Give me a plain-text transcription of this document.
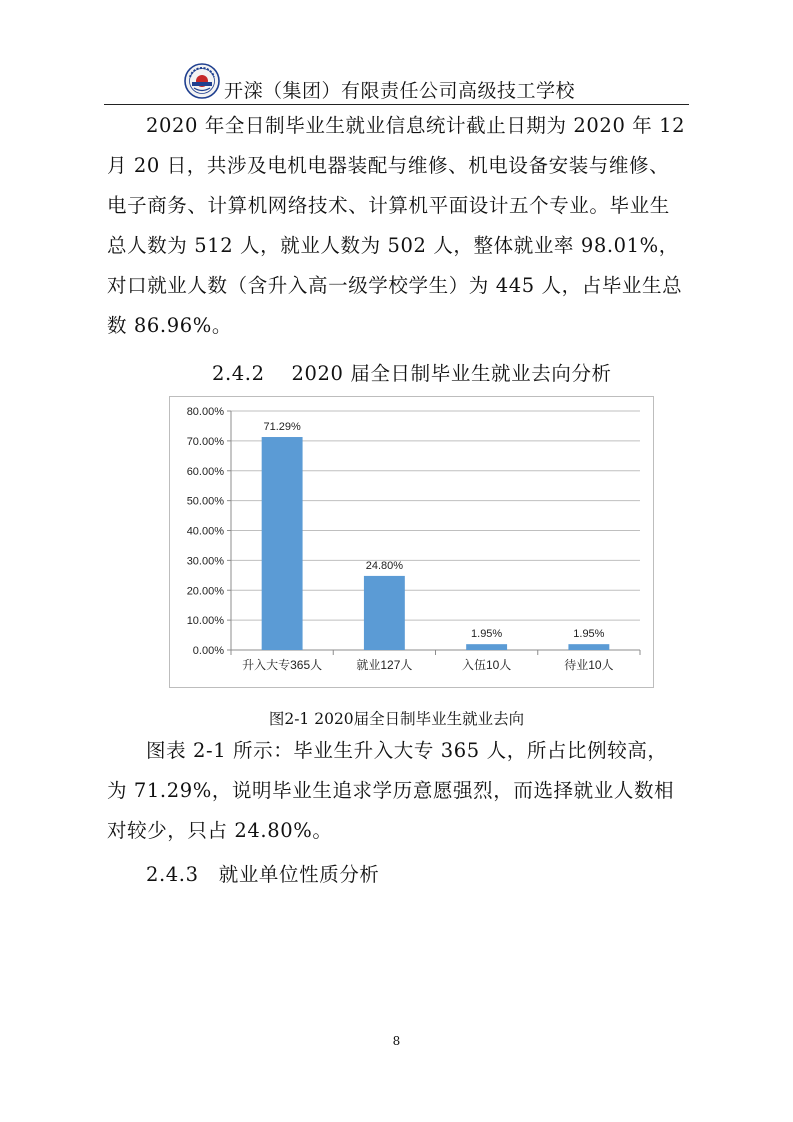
开滦（集团）有限责任公司高级技工学校
2020 年全日制毕业生就业信息统计截止日期为 2020 年 12 月 20 日，共涉及电机电器装配与维修、机电设备安装与维修、电子商务、计算机网络技术、计算机平面设计五个专业。毕业生总人数为 512 人，就业人数为 502 人，整体就业率 98.01%，对口就业人数（含升入高一级学校学生）为 445 人，占毕业生总数 86.96%。
2.4.2　 2020 届全日制毕业生就业去向分析
0.00%
10.00%
20.00%
30.00%
40.00%
50.00%
60.00%
70.00%
80.00%
71.29%
升入大专365人
24.80%
就业127人
1.95%
入伍10人
1.95%
待业10人
图2-1 2020届全日制毕业生就业去向
图表 2-1 所示：毕业生升入大专 365 人，所占比例较高，为 71.29%，说明毕业生追求学历意愿强烈，而选择就业人数相对较少，只占 24.80%。
2.4.3　就业单位性质分析
8
